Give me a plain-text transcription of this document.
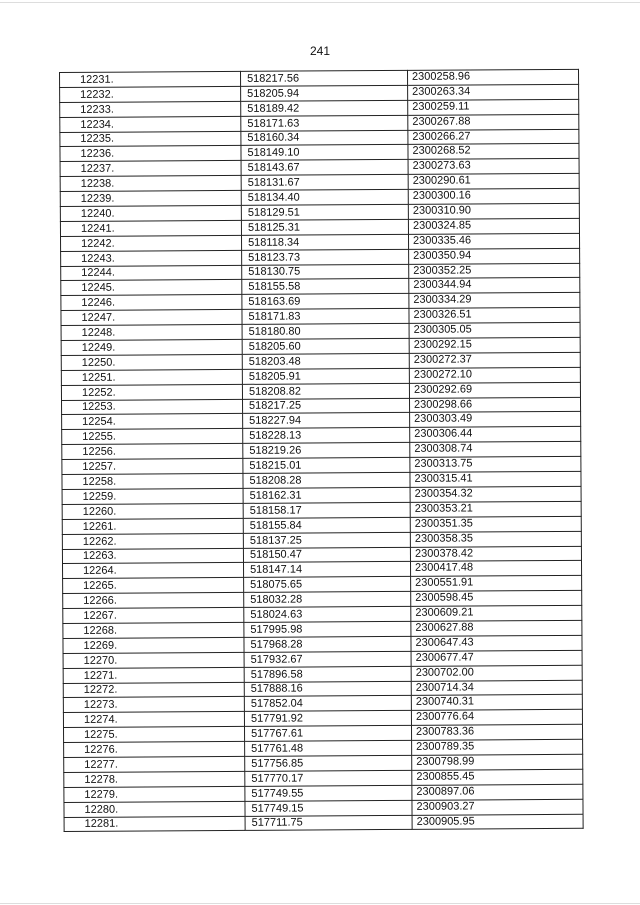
241
12231.	518217.56	2300258.96
12232.	518205.94	2300263.34
12233.	518189.42	2300259.11
12234.	518171.63	2300267.88
12235.	518160.34	2300266.27
12236.	518149.10	2300268.52
12237.	518143.67	2300273.63
12238.	518131.67	2300290.61
12239.	518134.40	2300300.16
12240.	518129.51	2300310.90
12241.	518125.31	2300324.85
12242.	518118.34	2300335.46
12243.	518123.73	2300350.94
12244.	518130.75	2300352.25
12245.	518155.58	2300344.94
12246.	518163.69	2300334.29
12247.	518171.83	2300326.51
12248.	518180.80	2300305.05
12249.	518205.60	2300292.15
12250.	518203.48	2300272.37
12251.	518205.91	2300272.10
12252.	518208.82	2300292.69
12253.	518217.25	2300298.66
12254.	518227.94	2300303.49
12255.	518228.13	2300306.44
12256.	518219.26	2300308.74
12257.	518215.01	2300313.75
12258.	518208.28	2300315.41
12259.	518162.31	2300354.32
12260.	518158.17	2300353.21
12261.	518155.84	2300351.35
12262.	518137.25	2300358.35
12263.	518150.47	2300378.42
12264.	518147.14	2300417.48
12265.	518075.65	2300551.91
12266.	518032.28	2300598.45
12267.	518024.63	2300609.21
12268.	517995.98	2300627.88
12269.	517968.28	2300647.43
12270.	517932.67	2300677.47
12271.	517896.58	2300702.00
12272.	517888.16	2300714.34
12273.	517852.04	2300740.31
12274.	517791.92	2300776.64
12275.	517767.61	2300783.36
12276.	517761.48	2300789.35
12277.	517756.85	2300798.99
12278.	517770.17	2300855.45
12279.	517749.55	2300897.06
12280.	517749.15	2300903.27
12281.	517711.75	2300905.95
